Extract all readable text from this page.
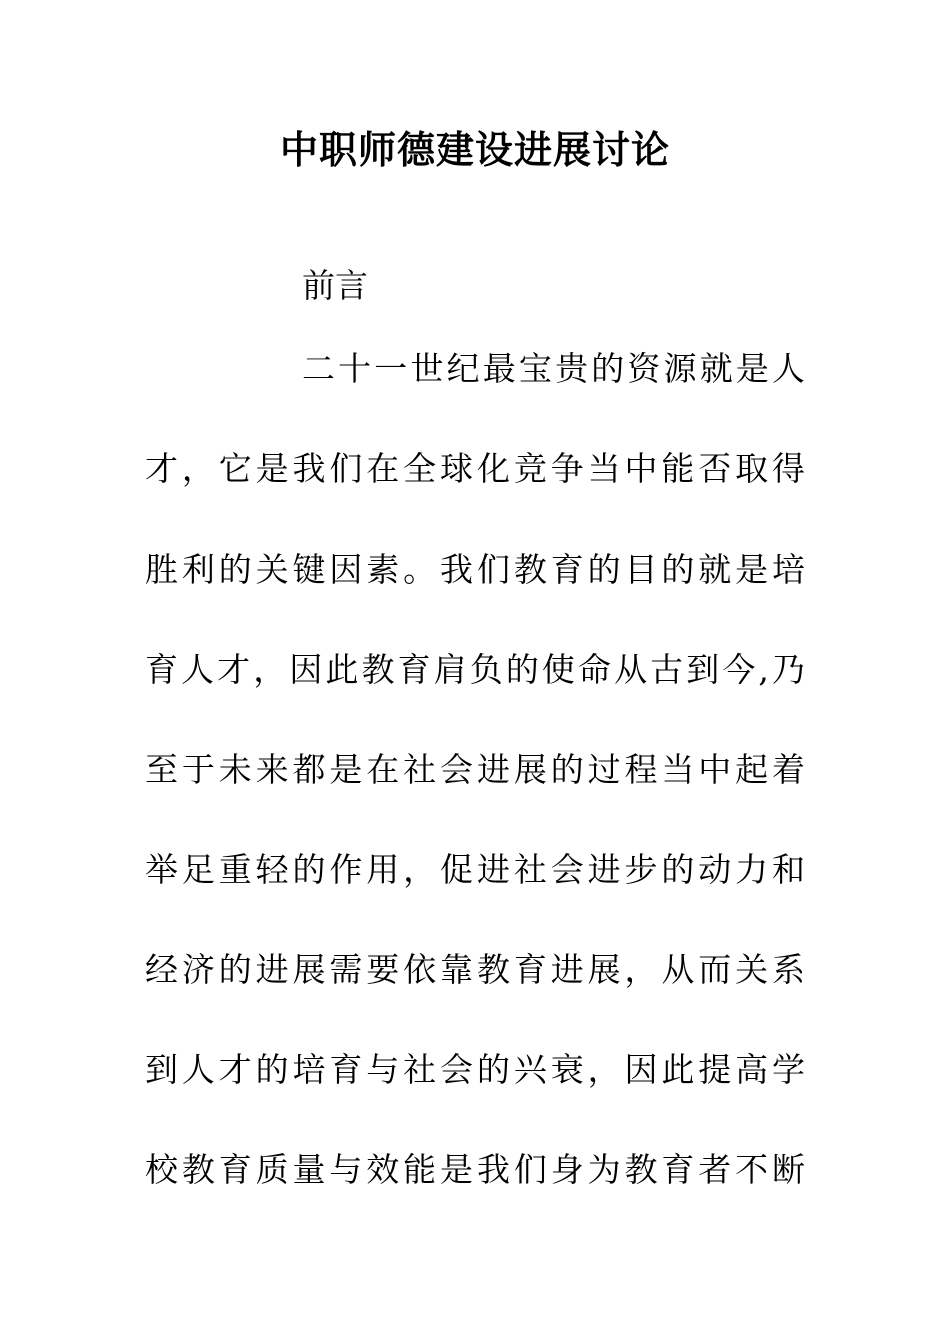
中职师德建设进展讨论
前言
二十一世纪最宝贵的资源就是人
才，它是我们在全球化竞争当中能否取得
胜利的关键因素。我们教育的目的就是培
育人才，因此教育肩负的使命从古到今,乃
至于未来都是在社会进展的过程当中起着
举足重轻的作用，促进社会进步的动力和
经济的进展需要依靠教育进展，从而关系
到人才的培育与社会的兴衰，因此提高学
校教育质量与效能是我们身为教育者不断
